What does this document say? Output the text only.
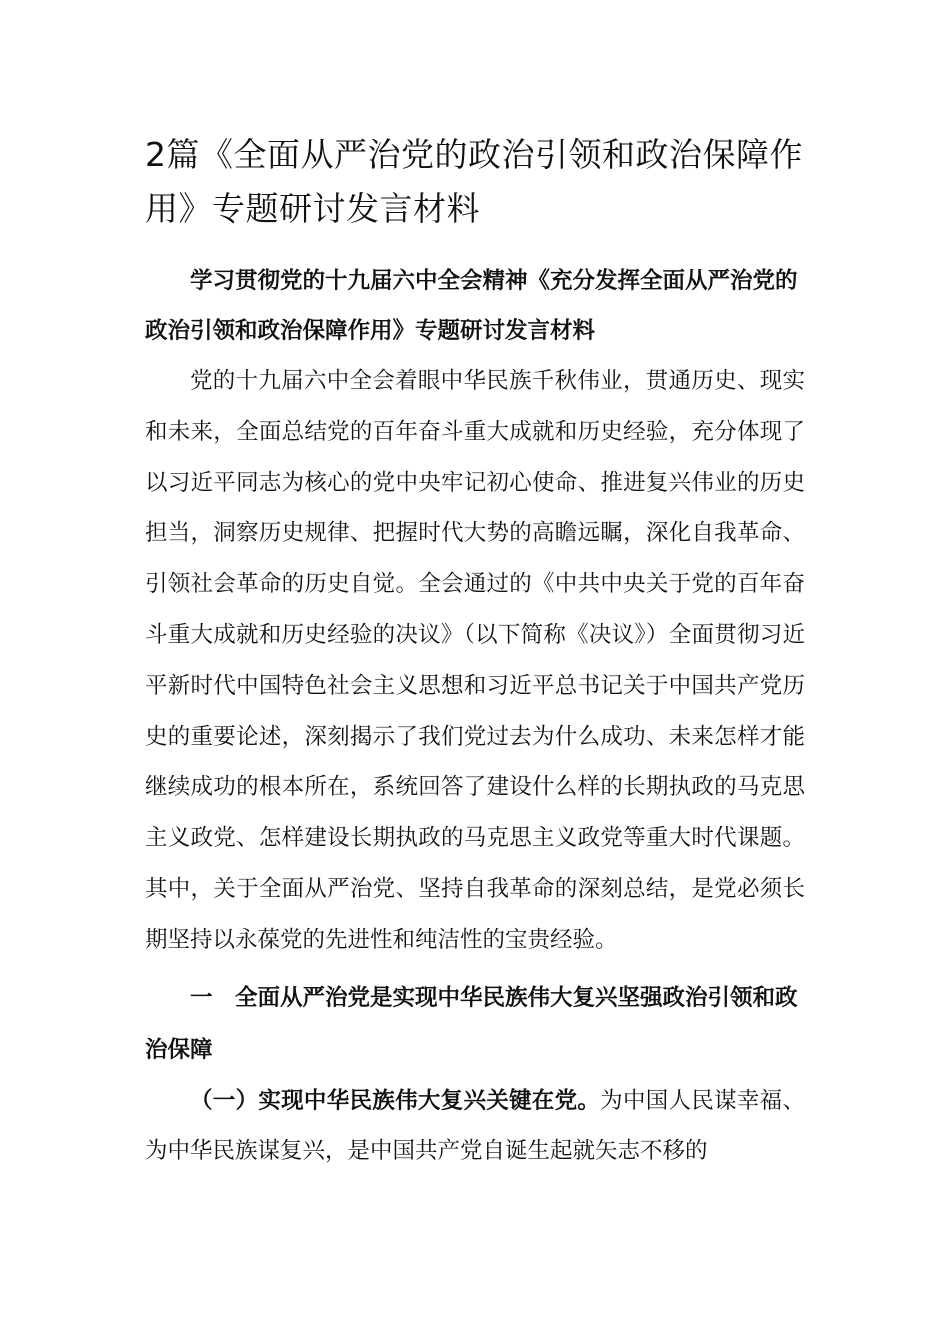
2篇《全面从严治党的政治引领和政治保障作用》专题研讨发言材料

学习贯彻党的十九届六中全会精神《充分发挥全面从严治党的政治引领和政治保障作用》专题研讨发言材料

党的十九届六中全会着眼中华民族千秋伟业，贯通历史、现实和未来，全面总结党的百年奋斗重大成就和历史经验，充分体现了以习近平同志为核心的党中央牢记初心使命、推进复兴伟业的历史担当，洞察历史规律、把握时代大势的高瞻远瞩，深化自我革命、引领社会革命的历史自觉。全会通过的《中共中央关于党的百年奋斗重大成就和历史经验的决议》（以下简称《决议》）全面贯彻习近平新时代中国特色社会主义思想和习近平总书记关于中国共产党历史的重要论述，深刻揭示了我们党过去为什么成功、未来怎样才能继续成功的根本所在，系统回答了建设什么样的长期执政的马克思主义政党、怎样建设长期执政的马克思主义政党等重大时代课题。其中，关于全面从严治党、坚持自我革命的深刻总结，是党必须长期坚持以永葆党的先进性和纯洁性的宝贵经验。

一 全面从严治党是实现中华民族伟大复兴坚强政治引领和政治保障

（一）实现中华民族伟大复兴关键在党。为中国人民谋幸福、为中华民族谋复兴，是中国共产党自诞生起就矢志不移的
